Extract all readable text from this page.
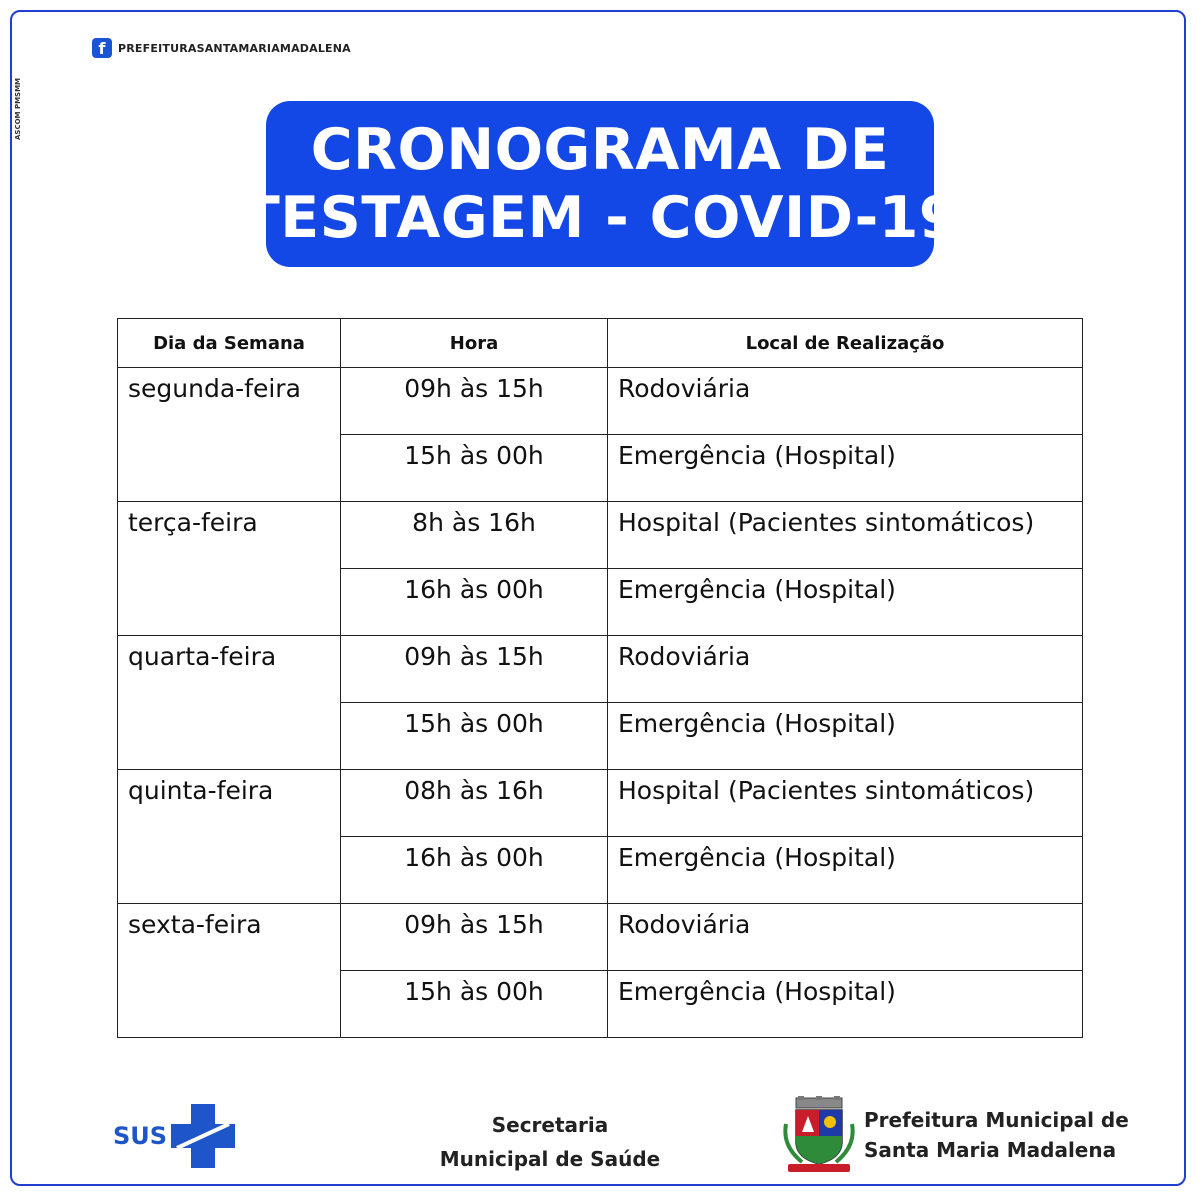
f	PREFEITURASANTAMARIAMADALENA
ASCOM PMSMM
CRONOGRAMA DE
TESTAGEM - COVID-19
Dia da Semana	Hora	Local de Realização
segunda-feira	09h às 15h	Rodoviária
	15h às 00h	Emergência (Hospital)
terça-feira	8h às 16h	Hospital (Pacientes sintomáticos)
	16h às 00h	Emergência (Hospital)
quarta-feira	09h às 15h	Rodoviária
	15h às 00h	Emergência (Hospital)
quinta-feira	08h às 16h	Hospital (Pacientes sintomáticos)
	16h às 00h	Emergência (Hospital)
sexta-feira	09h às 15h	Rodoviária
	15h às 00h	Emergência (Hospital)
SUS	Secretaria
Municipal de Saúde
Prefeitura Municipal de
Santa Maria Madalena
